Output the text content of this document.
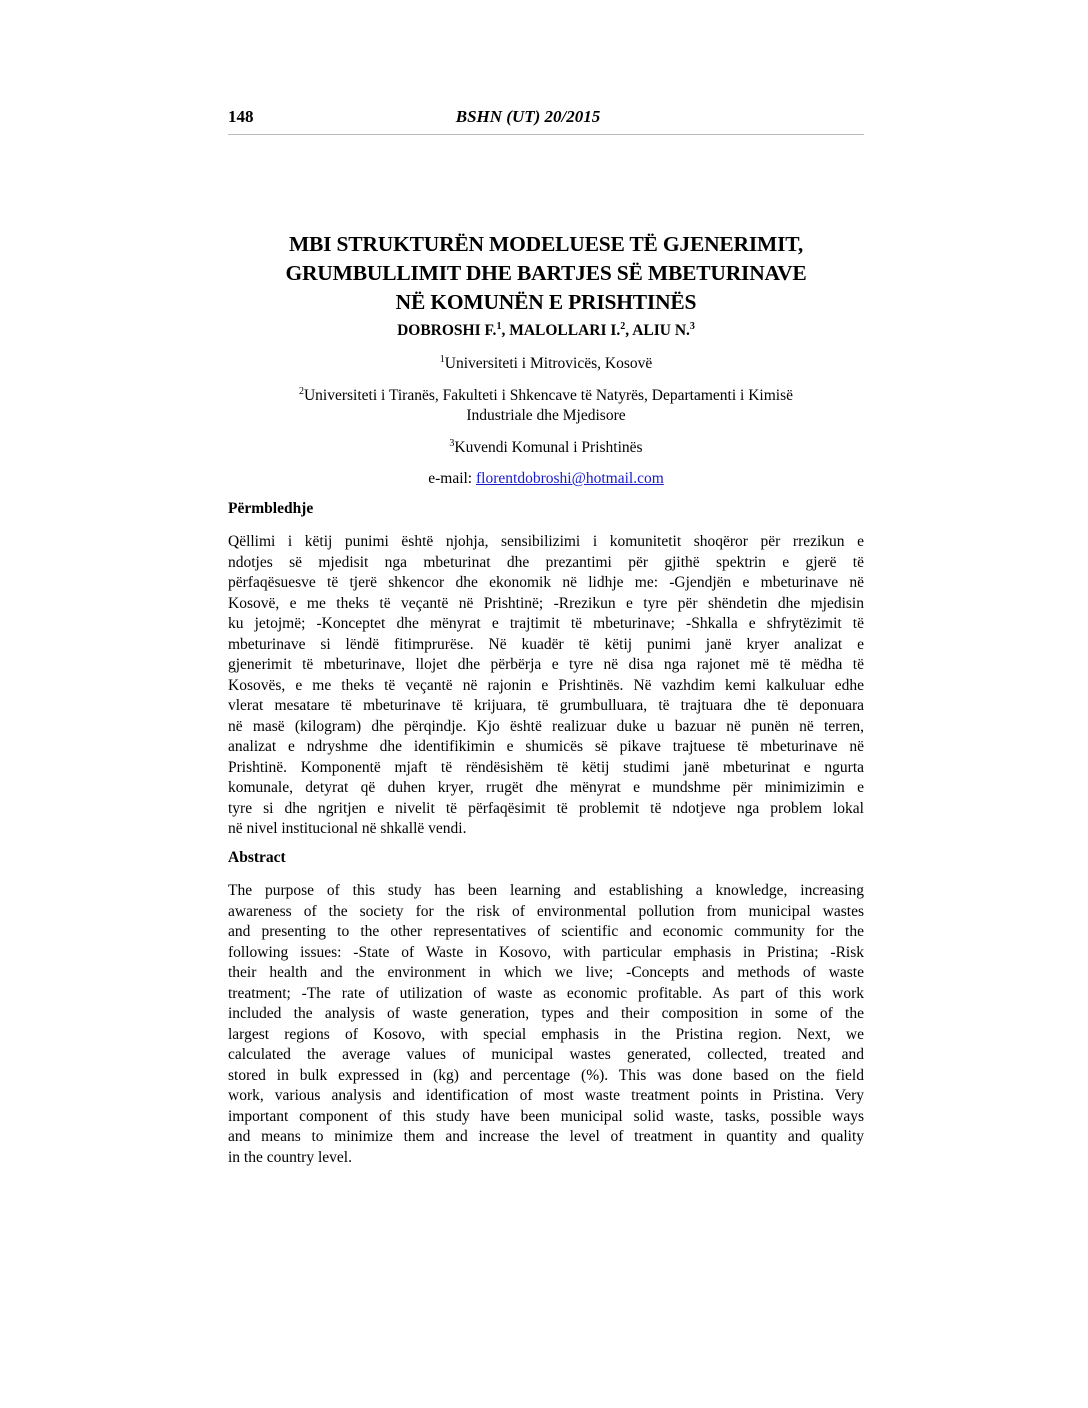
148	BSHN (UT) 20/2015
MBI STRUKTURËN MODELUESE TË GJENERIMIT,
GRUMBULLIMIT DHE BARTJES SË MBETURINAVE
NË KOMUNËN E PRISHTINËS
DOBROSHI F.$^1$, MALOLLARI I.$^2$, ALIU N.$^3$
$^1$Universiteti i Mitrovicës, Kosovë
$^2$Universiteti i Tiranës, Fakulteti i Shkencave të Natyrës, Departamenti i Kimisë
Industriale dhe Mjedisore
$^3$Kuvendi Komunal i Prishtinës
e-mail: florentdobroshi@hotmail.com
Përmbledhje
Qëllimi i këtij punimi është njohja, sensibilizimi i komunitetit shoqëror për rrezikun e
ndotjes së mjedisit nga mbeturinat dhe prezantimi për gjithë spektrin e gjerë të
përfaqësuesve të tjerë shkencor dhe ekonomik në lidhje me: -Gjendjën e mbeturinave në
Kosovë, e me theks të veçantë në Prishtinë; -Rrezikun e tyre për shëndetin dhe mjedisin
ku jetojmë; -Konceptet dhe mënyrat e trajtimit të mbeturinave; -Shkalla e shfrytëzimit të
mbeturinave si lëndë fitimprurëse. Në kuadër të këtij punimi janë kryer analizat e
gjenerimit të mbeturinave, llojet dhe përbërja e tyre në disa nga rajonet më të mëdha të
Kosovës, e me theks të veçantë në rajonin e Prishtinës. Në vazhdim kemi kalkuluar edhe
vlerat mesatare të mbeturinave të krijuara, të grumbulluara, të trajtuara dhe të deponuara
në masë (kilogram) dhe përqindje. Kjo është realizuar duke u bazuar në punën në terren,
analizat e ndryshme dhe identifikimin e shumicës së pikave trajtuese të mbeturinave në
Prishtinë. Komponentë mjaft të rëndësishëm të këtij studimi janë mbeturinat e ngurta
komunale, detyrat që duhen kryer, rrugët dhe mënyrat e mundshme për minimizimin e
tyre si dhe ngritjen e nivelit të përfaqësimit të problemit të ndotjeve nga problem lokal
në nivel institucional në shkallë vendi.
Abstract
The purpose of this study has been learning and establishing a knowledge, increasing
awareness of the society for the risk of environmental pollution from municipal wastes
and presenting to the other representatives of scientific and economic community for the
following issues: -State of Waste in Kosovo, with particular emphasis in Pristina; -Risk
their health and the environment in which we live; -Concepts and methods of waste
treatment; -The rate of utilization of waste as economic profitable. As part of this work
included the analysis of waste generation, types and their composition in some of the
largest regions of Kosovo, with special emphasis in the Pristina region. Next, we
calculated the average values of municipal wastes generated, collected, treated and
stored in bulk expressed in (kg) and percentage (%). This was done based on the field
work, various analysis and identification of most waste treatment points in Pristina. Very
important component of this study have been municipal solid waste, tasks, possible ways
and means to minimize them and increase the level of treatment in quantity and quality
in the country level.
